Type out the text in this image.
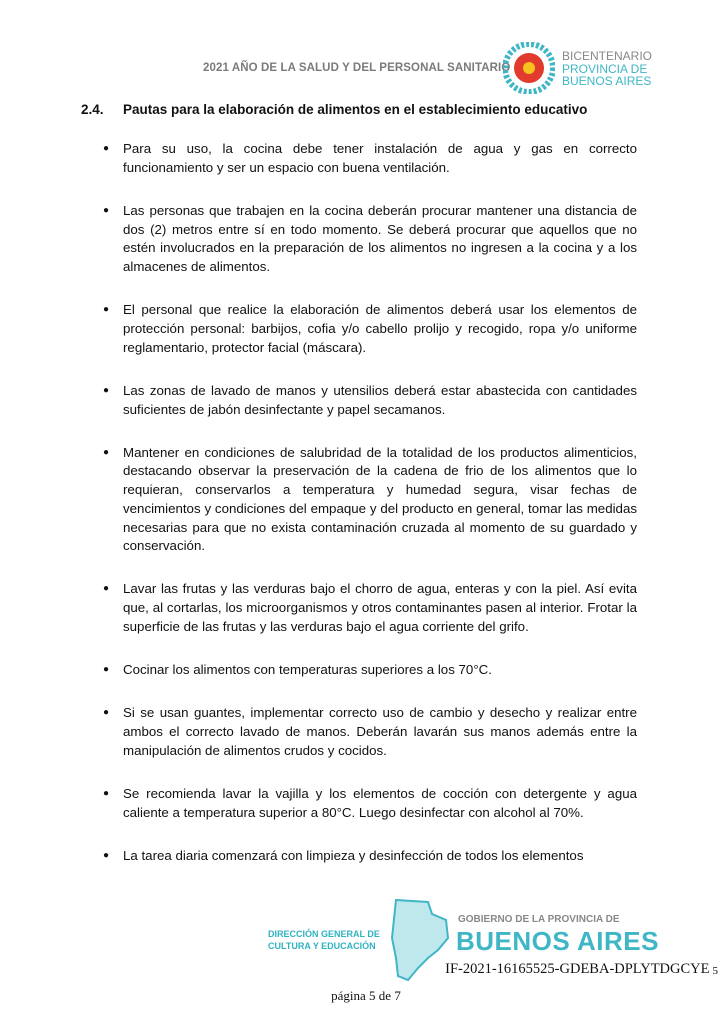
2021 AÑO DE LA SALUD Y DEL PERSONAL SANITARIO
BICENTENARIO
PROVINCIA DE
BUENOS AIRES
2.4. Pautas para la elaboración de alimentos en el establecimiento educativo
● Para su uso, la cocina debe tener instalación de agua y gas en correcto funcionamiento y ser un espacio con buena ventilación.
● Las personas que trabajen en la cocina deberán procurar mantener una distancia de dos (2) metros entre sí en todo momento. Se deberá procurar que aquellos que no estén involucrados en la preparación de los alimentos no ingresen a la cocina y a los almacenes de alimentos.
● El personal que realice la elaboración de alimentos deberá usar los elementos de protección personal: barbijos, cofia y/o cabello prolijo y recogido, ropa y/o uniforme reglamentario, protector facial (máscara).
● Las zonas de lavado de manos y utensilios deberá estar abastecida con cantidades suficientes de jabón desinfectante y papel secamanos.
● Mantener en condiciones de salubridad de la totalidad de los productos alimenticios, destacando observar la preservación de la cadena de frio de los alimentos que lo requieran, conservarlos a temperatura y humedad segura, visar fechas de vencimientos y condiciones del empaque y del producto en general, tomar las medidas necesarias para que no exista contaminación cruzada al momento de su guardado y conservación.
● Lavar las frutas y las verduras bajo el chorro de agua, enteras y con la piel. Así evita que, al cortarlas, los microorganismos y otros contaminantes pasen al interior. Frotar la superficie de las frutas y las verduras bajo el agua corriente del grifo.
● Cocinar los alimentos con temperaturas superiores a los 70°C.
● Si se usan guantes, implementar correcto uso de cambio y desecho y realizar entre ambos el correcto lavado de manos. Deberán lavarán sus manos además entre la manipulación de alimentos crudos y cocidos.
● Se recomienda lavar la vajilla y los elementos de cocción con detergente y agua caliente a temperatura superior a 80°C. Luego desinfectar con alcohol al 70%.
● La tarea diaria comenzará con limpieza y desinfección de todos los elementos
DIRECCIÓN GENERAL DE
CULTURA Y EDUCACIÓN
GOBIERNO DE LA PROVINCIA DE
BUENOS AIRES
IF-2021-16165525-GDEBA-DPLYTDGCYE 5
página 5 de 7
